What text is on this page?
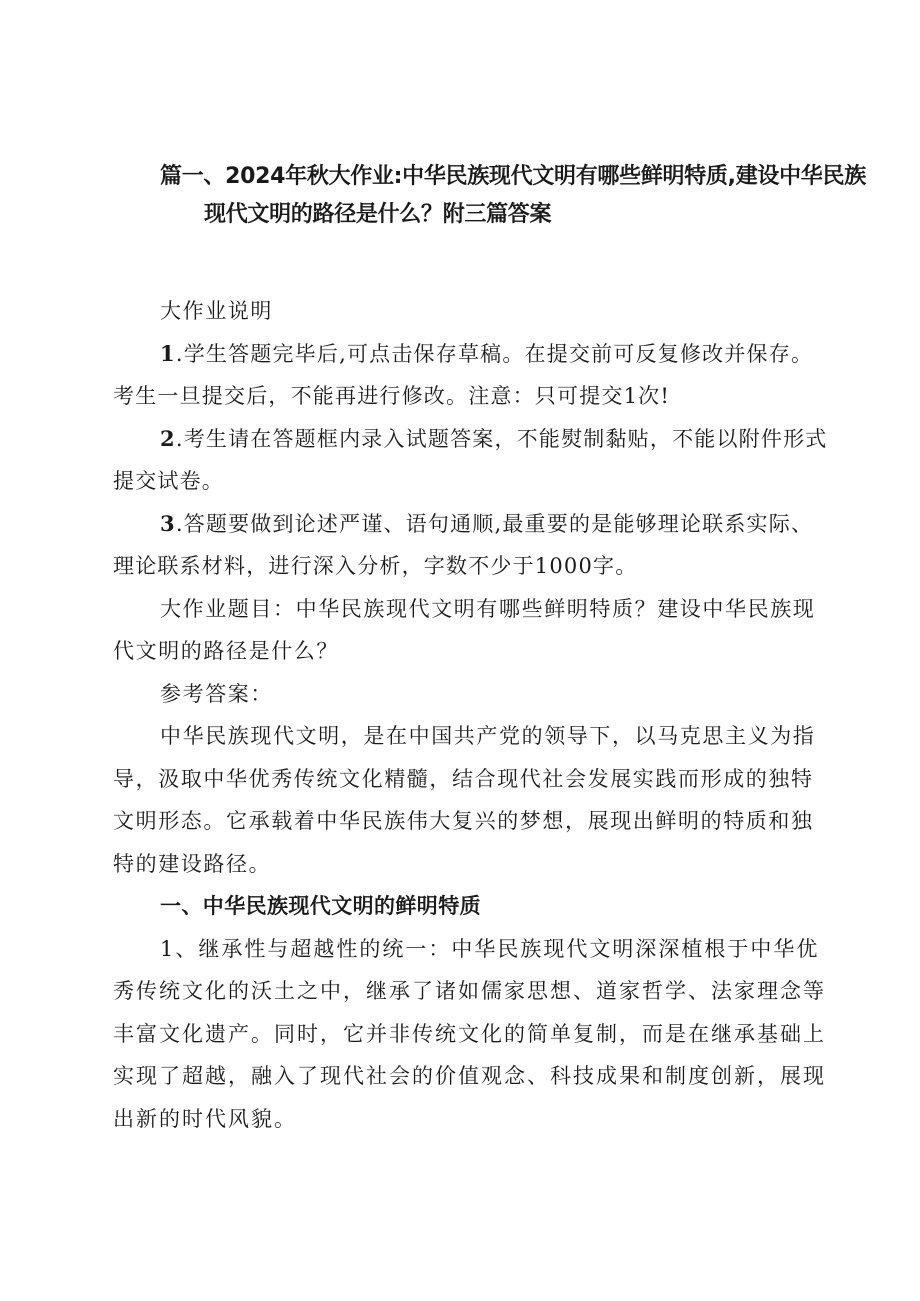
篇一、2024年秋大作业:中华民族现代文明有哪些鲜明特质,建设中华民族
现代文明的路径是什么？附三篇答案

大作业说明

1.学生答题完毕后,可点击保存草稿。在提交前可反复修改并保存。考生一旦提交后，不能再进行修改。注意：只可提交1次!

2.考生请在答题框内录入试题答案，不能熨制黏贴，不能以附件形式提交试卷。

3.答题要做到论述严谨、语句通顺,最重要的是能够理论联系实际、理论联系材料，进行深入分析，字数不少于1000字。

大作业题目：中华民族现代文明有哪些鲜明特质？建设中华民族现代文明的路径是什么？

参考答案：

中华民族现代文明，是在中国共产党的领导下，以马克思主义为指导，汲取中华优秀传统文化精髓，结合现代社会发展实践而形成的独特文明形态。它承载着中华民族伟大复兴的梦想，展现出鲜明的特质和独特的建设路径。

一、中华民族现代文明的鲜明特质

1、继承性与超越性的统一：中华民族现代文明深深植根于中华优秀传统文化的沃土之中，继承了诸如儒家思想、道家哲学、法家理念等丰富文化遗产。同时，它并非传统文化的简单复制，而是在继承基础上实现了超越，融入了现代社会的价值观念、科技成果和制度创新，展现出新的时代风貌。
